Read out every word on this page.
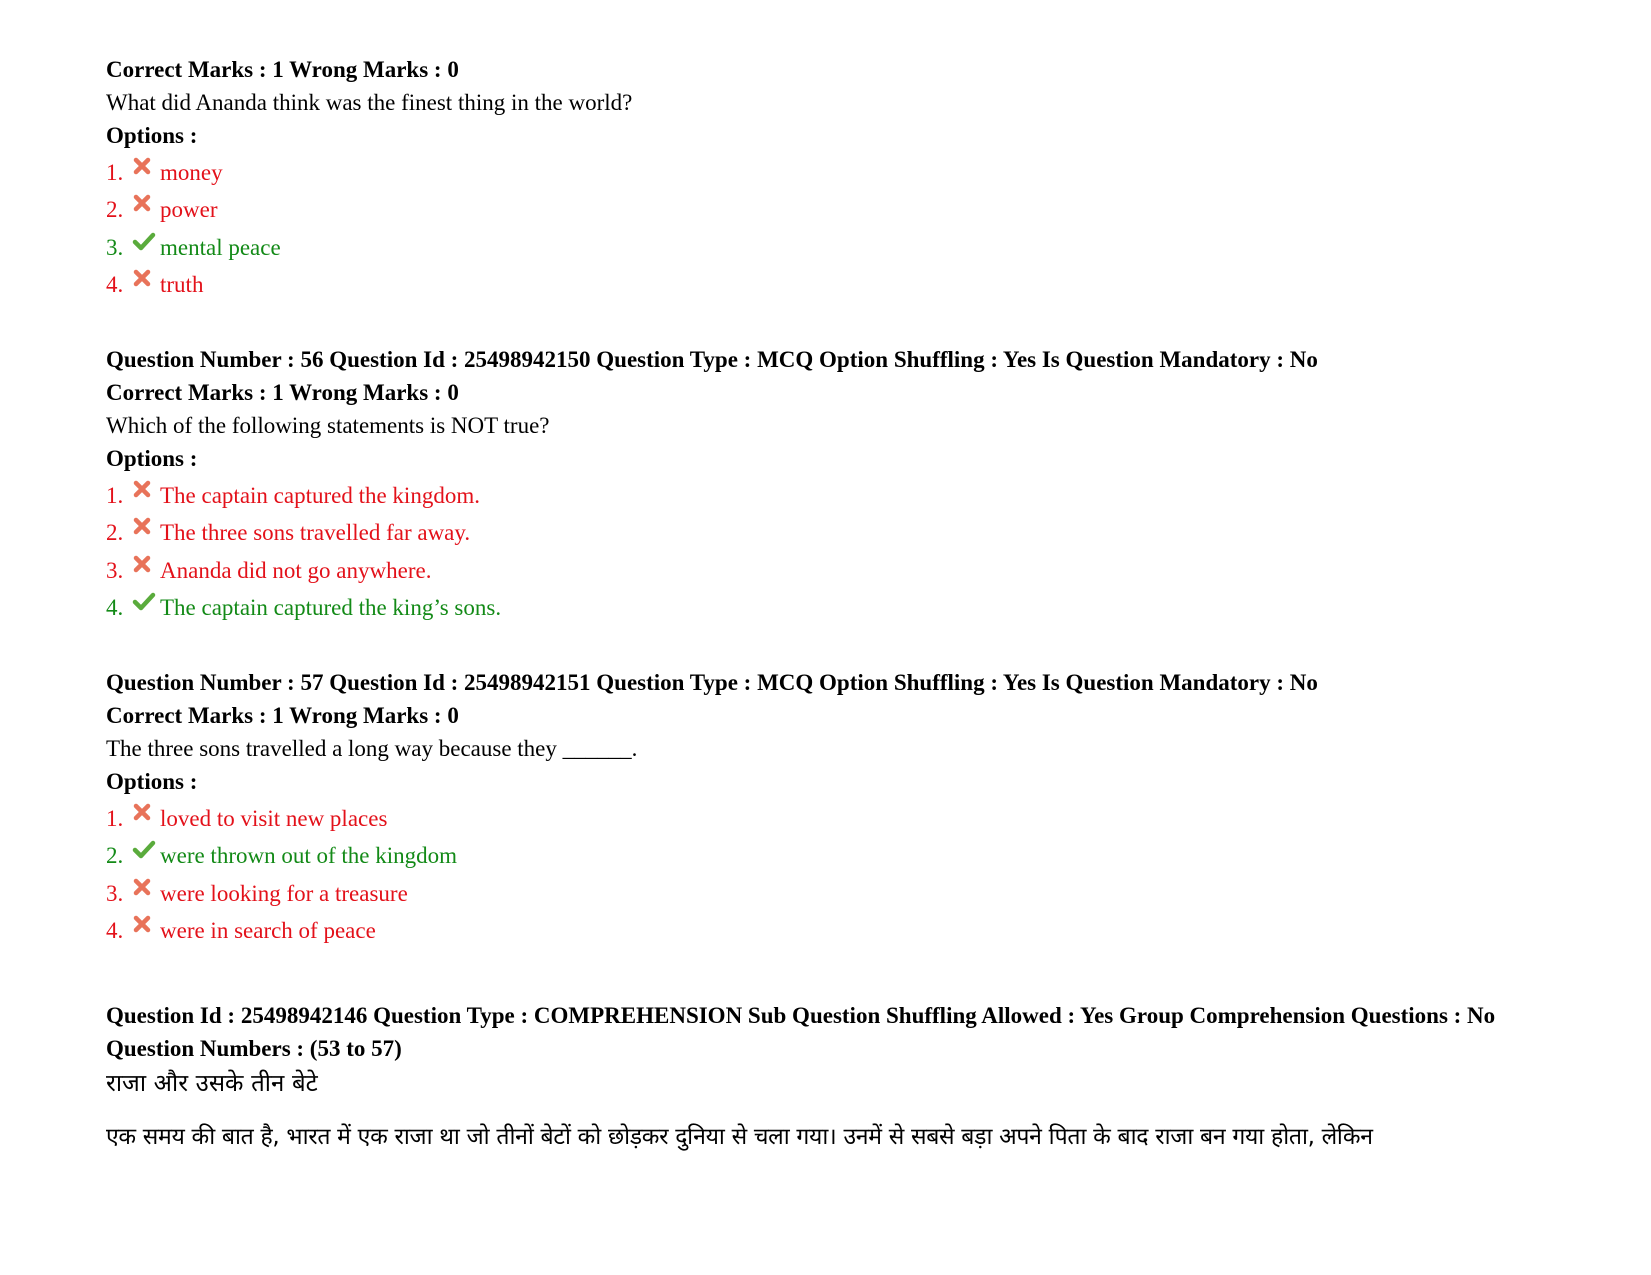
Correct Marks : 1 Wrong Marks : 0
What did Ananda think was the finest thing in the world?
Options :
1.	money
2.	power
3.	mental peace
4.	truth
Question Number : 56 Question Id : 25498942150 Question Type : MCQ Option Shuffling : Yes Is Question Mandatory : No
Correct Marks : 1 Wrong Marks : 0
Which of the following statements is NOT true?
Options :
1.	The captain captured the kingdom.
2.	The three sons travelled far away.
3.	Ananda did not go anywhere.
4.	The captain captured the king’s sons.
Question Number : 57 Question Id : 25498942151 Question Type : MCQ Option Shuffling : Yes Is Question Mandatory : No
Correct Marks : 1 Wrong Marks : 0
The three sons travelled a long way because they ______.
Options :
1.	loved to visit new places
2.	were thrown out of the kingdom
3.	were looking for a treasure
4.	were in search of peace
Question Id : 25498942146 Question Type : COMPREHENSION Sub Question Shuffling Allowed : Yes Group Comprehension Questions : No
Question Numbers : (53 to 57)
राजा और उसके तीन बेटे
एक समय की बात है, भारत में एक राजा था जो तीनों बेटों को छोड़कर दुनिया से चला गया। उनमें से सबसे बड़ा अपने पिता के बाद राजा बन गया होता, लेकिन
